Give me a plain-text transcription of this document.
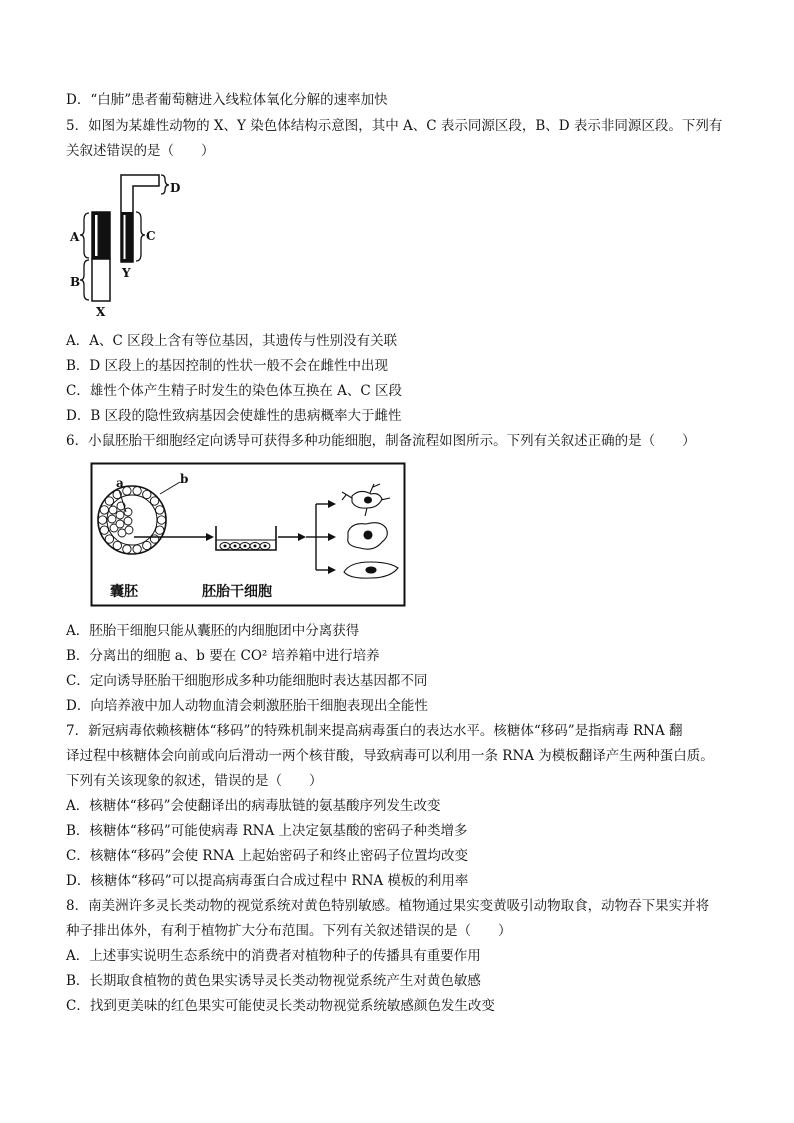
D．“白肺”患者葡萄糖进入线粒体氧化分解的速率加快
5．如图为某雄性动物的 X、Y 染色体结构示意图，其中 A、C 表示同源区段，B、D 表示非同源区段。下列有
关叙述错误的是（　　）
D
A	C
B
Y
X
A．A、C 区段上含有等位基因，其遗传与性别没有关联
B．D 区段上的基因控制的性状一般不会在雌性中出现
C．雄性个体产生精子时发生的染色体互换在 A、C 区段
D．B 区段的隐性致病基因会使雄性的患病概率大于雌性
6．小鼠胚胎干细胞经定向诱导可获得多种功能细胞，制备流程如图所示。下列有关叙述正确的是（　　）
a	b
囊胚	胚胎干细胞
A．胚胎干细胞只能从囊胚的内细胞团中分离获得
B．分离出的细胞 a、b 要在 CO² 培养箱中进行培养
C．定向诱导胚胎干细胞形成多种功能细胞时表达基因都不同
D．向培养液中加人动物血清会刺激胚胎干细胞表现出全能性
7．新冠病毒依赖核糖体“移码”的特殊机制来提高病毒蛋白的表达水平。核糖体“移码”是指病毒 RNA 翻
译过程中核糖体会向前或向后滑动一两个核苷酸，导致病毒可以利用一条 RNA 为模板翻译产生两种蛋白质。
下列有关该现象的叙述，错误的是（　　）
A．核糖体“移码”会使翻译出的病毒肽链的氨基酸序列发生改变
B．核糖体“移码”可能使病毒 RNA 上决定氨基酸的密码子种类增多
C．核糖体“移码”会使 RNA 上起始密码子和终止密码子位置均改变
D．核糖体“移码”可以提高病毒蛋白合成过程中 RNA 模板的利用率
8．南美洲许多灵长类动物的视觉系统对黄色特别敏感。植物通过果实变黄吸引动物取食，动物吞下果实并将
种子排出体外，有利于植物扩大分布范围。下列有关叙述错误的是（　　）
A．上述事实说明生态系统中的消费者对植物种子的传播具有重要作用
B．长期取食植物的黄色果实诱导灵长类动物视觉系统产生对黄色敏感
C．找到更美味的红色果实可能使灵长类动物视觉系统敏感颜色发生改变
